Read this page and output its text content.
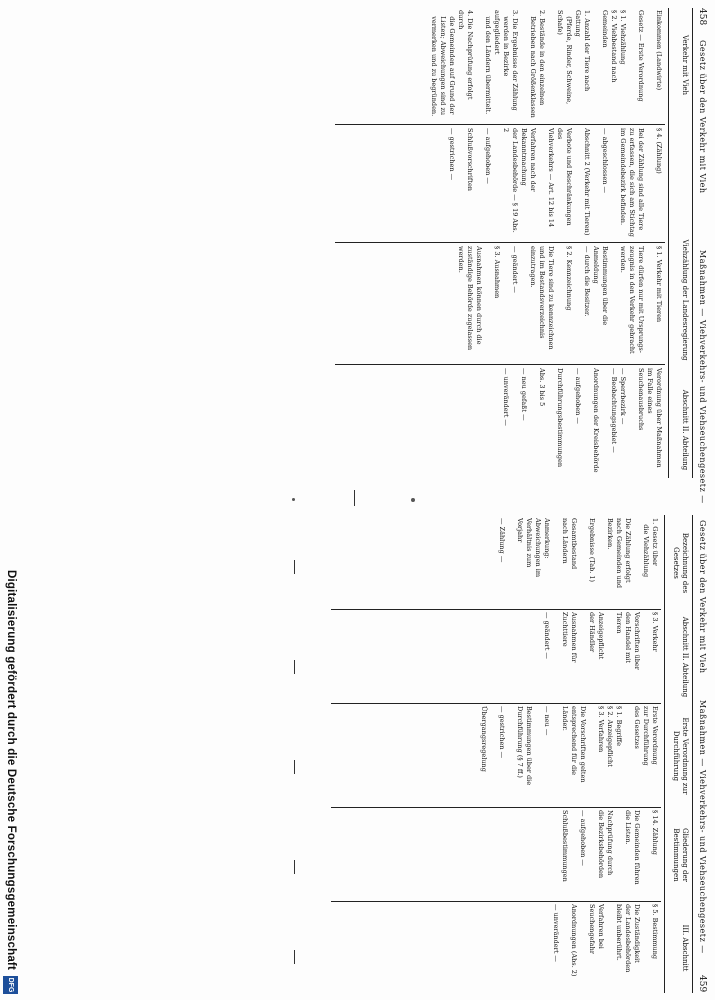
458
Gesetz über den Verkehr mit Vieh
Maßnahmen — Viehverkehrs- und Viehseuchengesetz —
Verkehr mit Vieh
Viehzählung der Landesregierung
Abschnitt II. Abteilung
Einkommen (Landwirte)

Gesetz — Erste Verordnung

§ 1. Viehzählung
§ 2. Viehbestand nach Gemeinden

1. Anzahl der Tiere nach Gattung
(Pferde, Rinder, Schweine, Schafe)

2. Bestände in den einzelnen
Betrieben nach Größenklassen

3. Die Ergebnisse der Zählung
werden in Bezirke aufgegliedert
und den Ländern übermittelt.

4. Die Nachprüfung erfolgt durch
die Gemeinden auf Grund der
Listen; Abweichungen sind zu
vermerken und zu begründen.
§ 4. (Zählung)

Bei der Zählung sind alle Tiere
zu erfassen, die sich am Stichtag
im Gemeindebezirk befinden.

— abgeschlossen —

Abschnitt 2 (Verkehr mit Tieren)

Verbote und Beschränkungen des
Viehverkehrs — Art. 12 bis 14

Verfahren nach der Bekanntmachung
der Landesbehörde — § 19 Abs. 2

— aufgehoben —

Schlußvorschriften

— gestrichen —
§ 1. Verkehr mit Tieren

Tiere dürfen nur mit Ursprungs-
zeugnis in den Verkehr gebracht
werden.

Bestimmungen über die Anmeldung
— durch die Besitzer.

§ 2. Kennzeichnung

Die Tiere sind zu kennzeichnen
und im Bestandsverzeichnis
einzutragen.

— geändert —

§ 3. Ausnahmen

Ausnahmen können durch die
zuständige Behörde zugelassen
werden.
Verordnung über Maßnahmen
im Falle eines Seuchenausbruchs

— Sperrbezirk —
— Beobachtungsgebiet —

Anordnungen der Kreisbehörde

— aufgehoben —

Durchführungsbestimmungen

Abs. 3 bis 5

— neu gefaßt —

— unverändert —
Gesetz über den Verkehr mit Vieh
Maßnahmen — Viehverkehrs- und Viehseuchengesetz —
459
Bezeichnung des Gesetzes
Abschnitt II. Abteilung
Erste Verordnung zur Durchführung
Gliederung der Bestimmungen
III. Abschnitt
1. Gesetz über
die Viehzählung

Die Zählung erfolgt
nach Gemeinden und
Bezirken.

Ergebnisse (Tab. 1)

Gesamtbestand
nach Ländern

Anmerkung:
Abweichungen im
Verhältnis zum
Vorjahr

— Zählung —
§ 3. Verkehr

Vorschriften über
den Handel mit
Tieren

Anzeigepflicht
der Händler

Ausnahmen für
Zuchttiere

— geändert —
Erste Verordnung
zur Durchführung
des Gesetzes

§ 1. Begriffe
§ 2. Anzeigepflicht
§ 3. Verfahren

Die Vorschriften gelten
entsprechend für die
Länder.

— neu —

Bestimmungen über die
Durchführung (§ 7 ff.)

— gestrichen —

Übergangsregelung
§ 14. Zählung

Die Gemeinden führen
die Listen.

Nachprüfung durch
die Bezirksbehörden

— aufgehoben —

Schlußbestimmungen
§ 5. Bestimmung

Die Zuständigkeit
der Landesbehörden
bleibt unberührt.

Verfahren bei
Seuchengefahr

Anordnungen (Abs. 2)

— unverändert —
Digitalisierung gefördert durch die Deutsche Forschungsgemeinschaft
DFG
